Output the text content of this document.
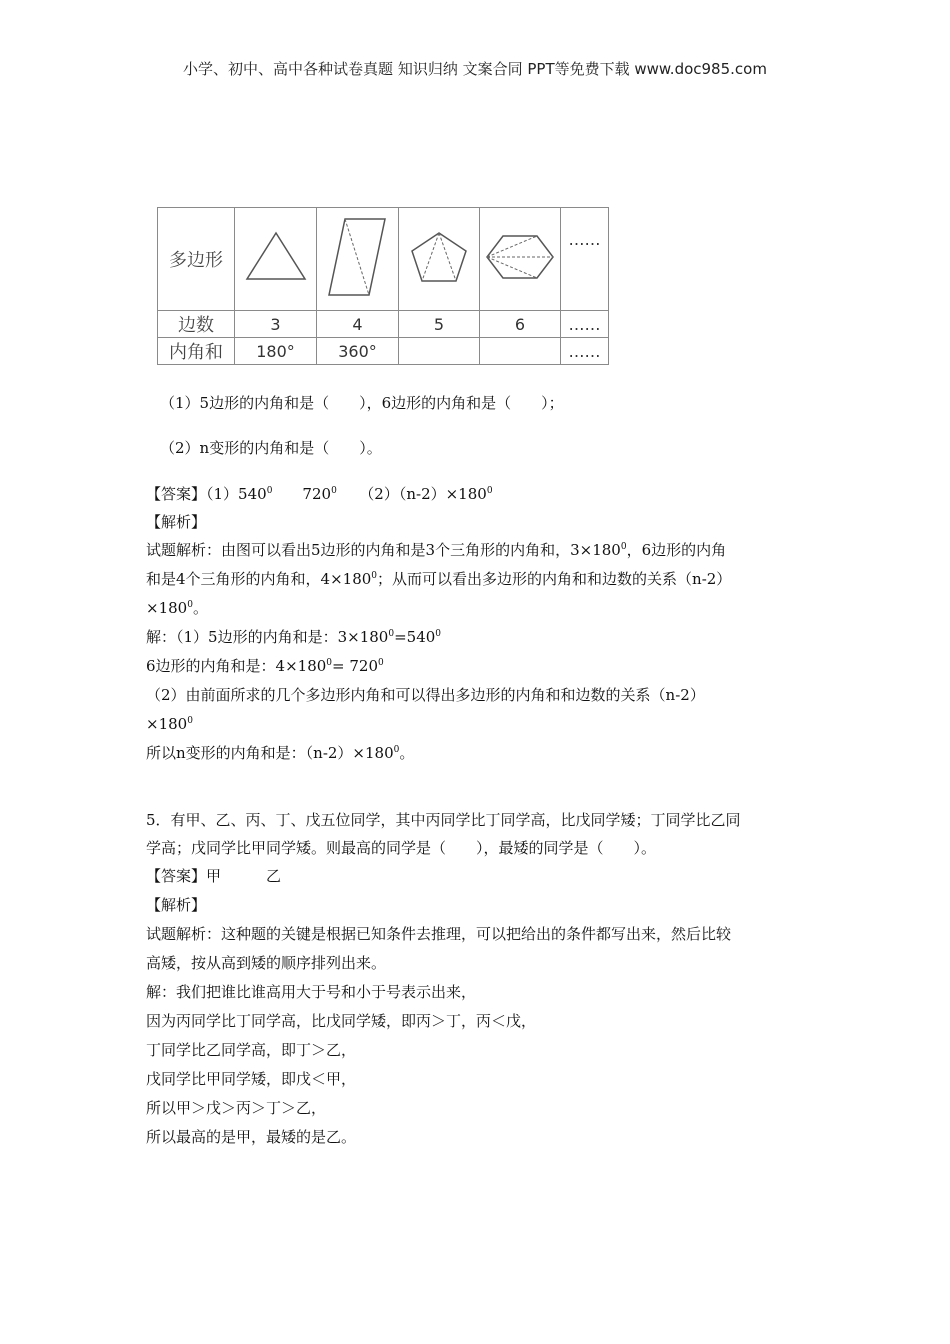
小学、初中、高中各种试卷真题 知识归纳 文案合同 PPT等免费下载 www.doc985.com
多边形					……
边数	3	4	5	6	……
内角和	180°	360°			……
（1）5边形的内角和是（　　），6边形的内角和是（　　）；
（2）n变形的内角和是（　　）。
【答案】$(1)540^0$　　$720^0$　　$(2)(n-2)\times 180^0$
【解析】
试题解析：由图可以看出5边形的内角和是3个三角形的内角和，$3\times 180^0$，6边形的内角
和是4个三角形的内角和，$4\times 180^0$；从而可以看出多边形的内角和和边数的关系（n-2）
$\times 180^0$。
解：（1）5边形的内角和是：$3\times 180^0=540^0$
6边形的内角和是：$4\times 180^0= 720^0$
（2）由前面所求的几个多边形内角和可以得出多边形的内角和和边数的关系（n-2）
$\times 180^0$
所以n变形的内角和是：$(n-2)\times 180^0$。
5．有甲、乙、丙、丁、戊五位同学，其中丙同学比丁同学高，比戊同学矮；丁同学比乙同
学高；戊同学比甲同学矮。则最高的同学是（　　），最矮的同学是（　　）。
【答案】甲　　　乙
【解析】
试题解析：这种题的关键是根据已知条件去推理，可以把给出的条件都写出来，然后比较
高矮，按从高到矮的顺序排列出来。
解：我们把谁比谁高用大于号和小于号表示出来，
因为丙同学比丁同学高，比戊同学矮，即丙＞丁，丙＜戊，
丁同学比乙同学高，即丁＞乙，
戊同学比甲同学矮，即戊＜甲，
所以甲＞戊＞丙＞丁＞乙，
所以最高的是甲，最矮的是乙。
